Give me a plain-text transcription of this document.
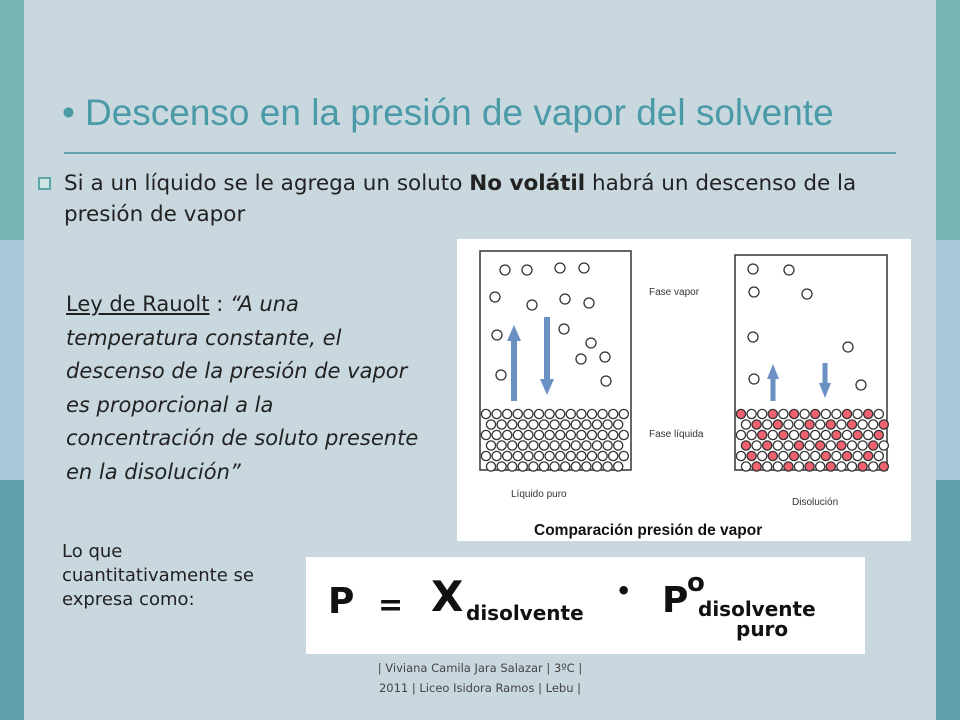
• Descenso en la presión de vapor del solvente
Si a un líquido se le agrega un soluto No volátil habrá un descenso de la presión de vapor
Ley de Rauolt : “A una temperatura constante, el descenso de la presión de vapor es proporcional a la concentración de soluto presente en la disolución”
Fase vapor
Fase líquida
Líquido puro
Disolución
Comparación presión de vapor
Lo que cuantitativamente se expresa como:	P = X disolvente
• P
o
disolvente
puro
| Viviana Camila Jara Salazar | 3ºC |
2011 | Liceo Isidora Ramos | Lebu |
